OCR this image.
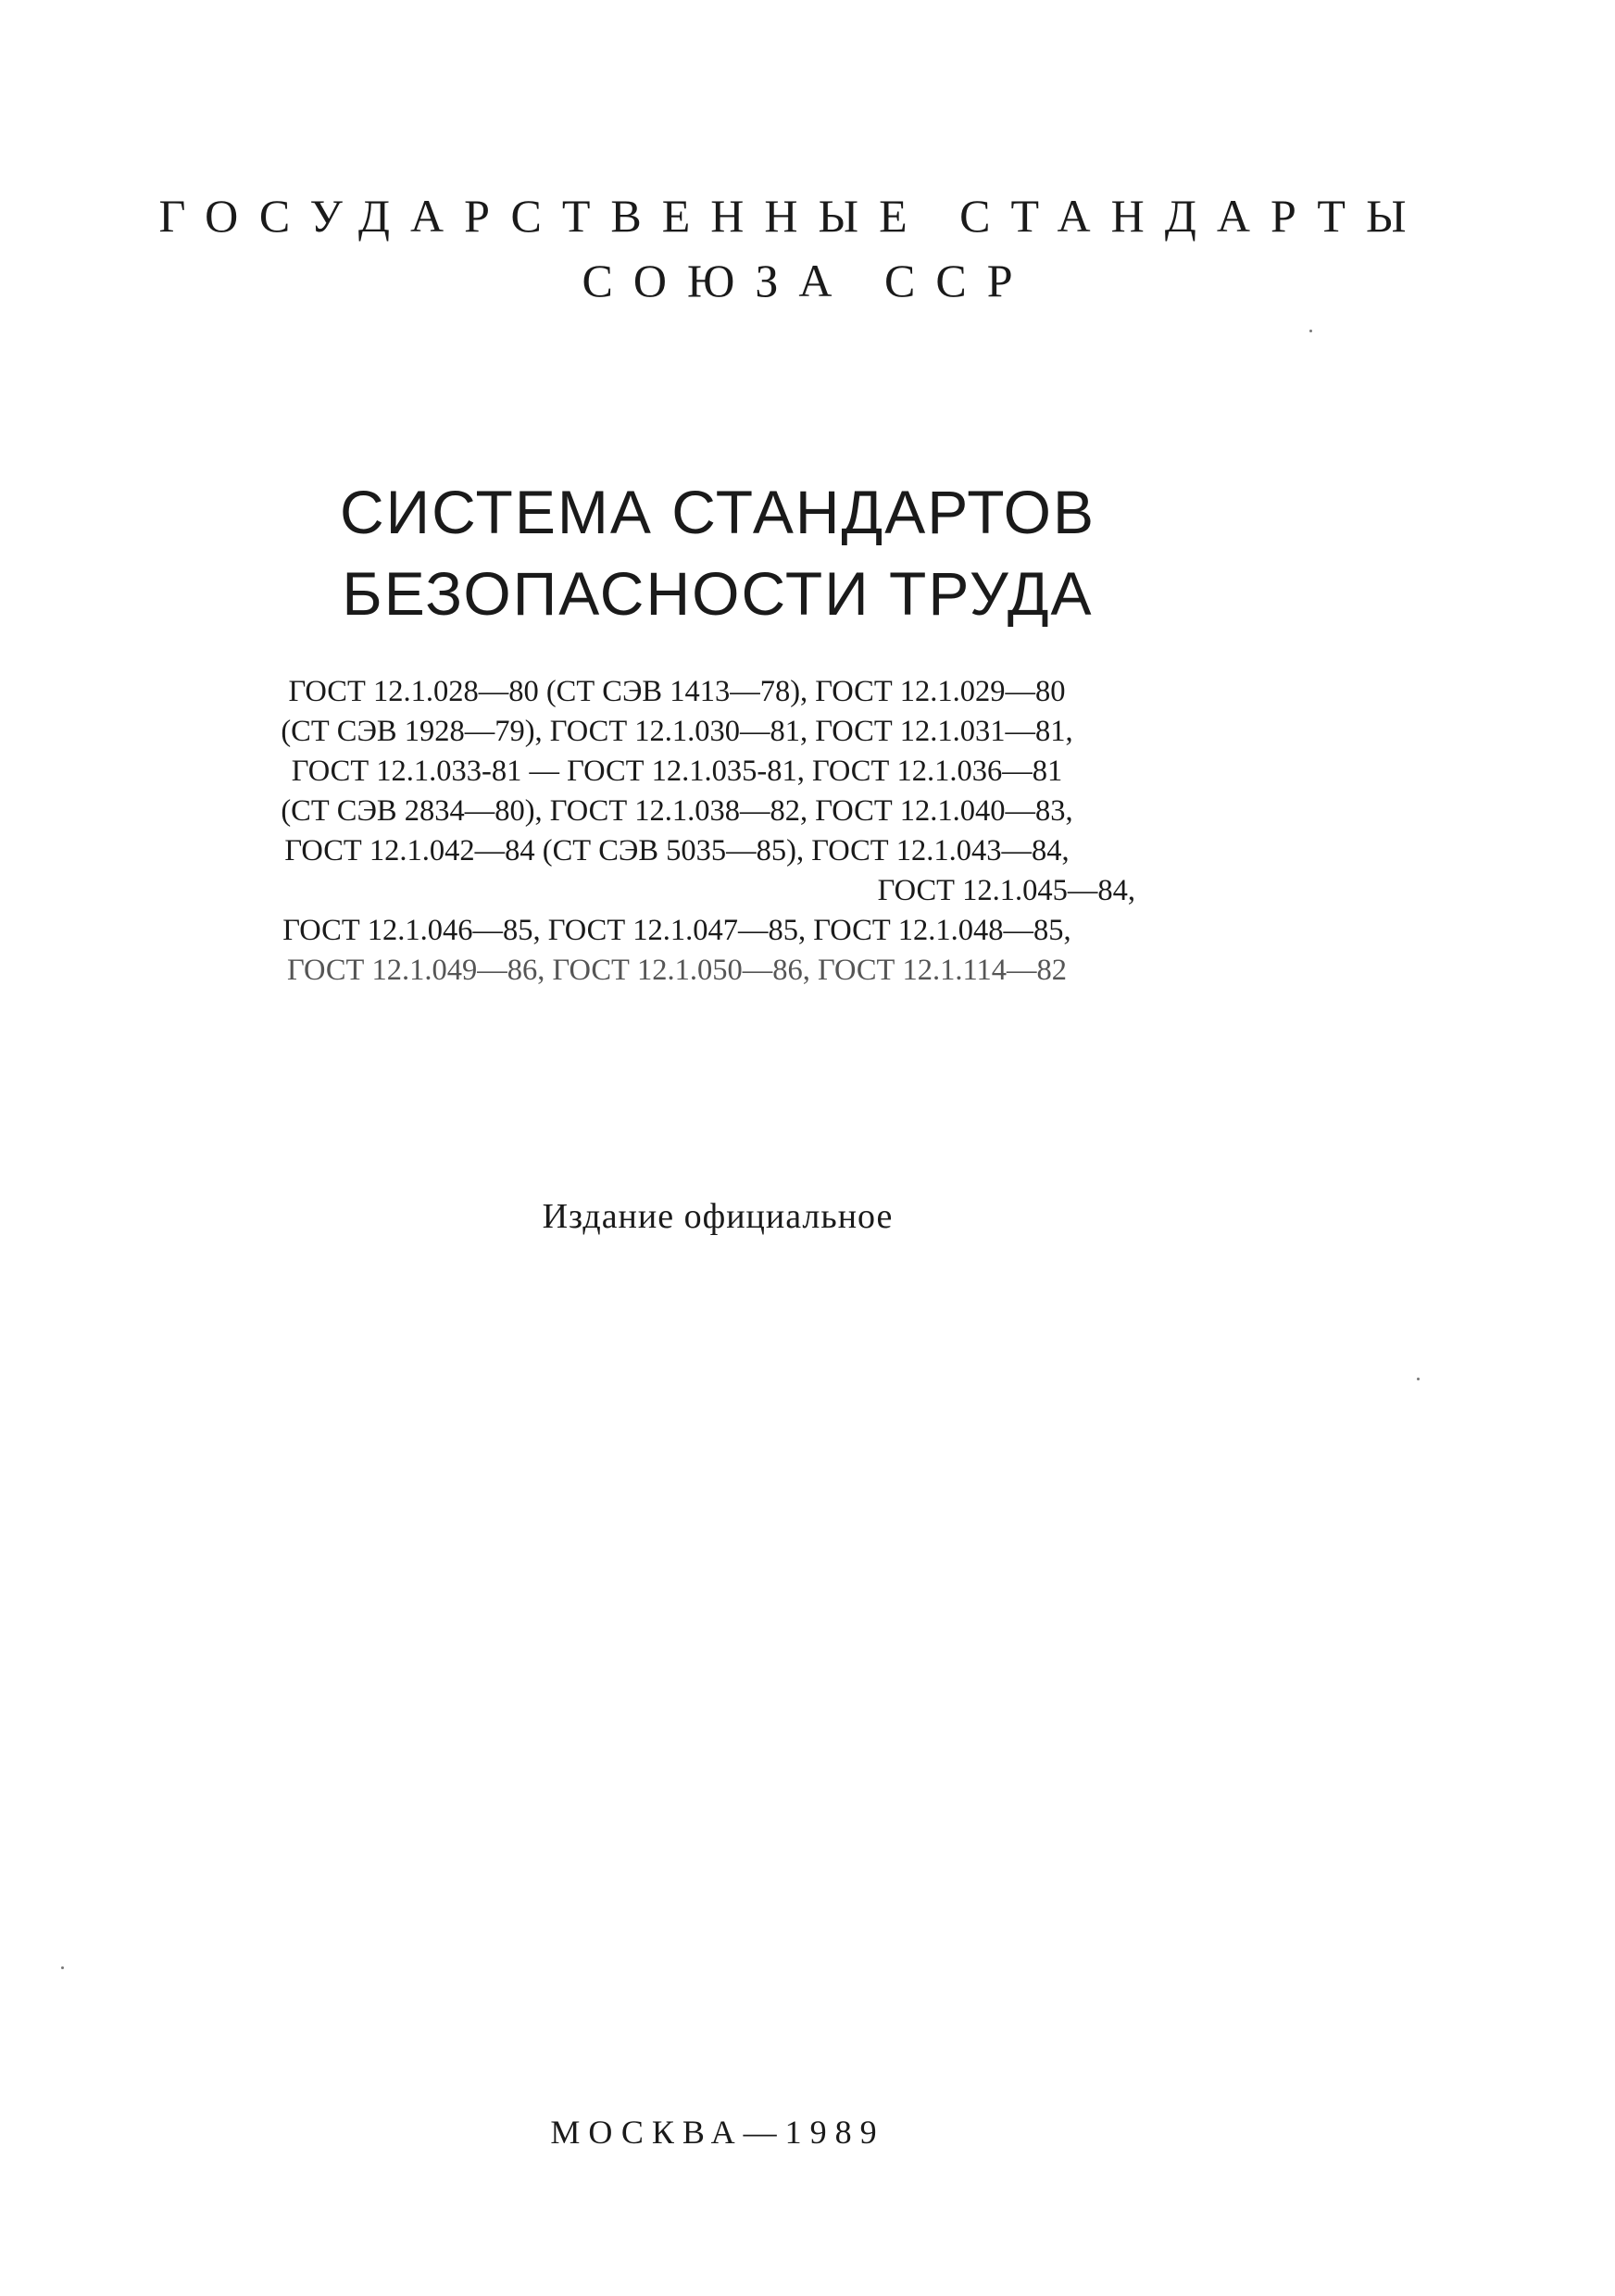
ГОСУДАРСТВЕННЫЕ СТАНДАРТЫ
СОЮЗА ССР
СИСТЕМА СТАНДАРТОВ
БЕЗОПАСНОСТИ ТРУДА
ГОСТ 12.1.028—80 (СТ СЭВ 1413—78), ГОСТ 12.1.029—80
(СТ СЭВ 1928—79), ГОСТ 12.1.030—81, ГОСТ 12.1.031—81,
ГОСТ 12.1.033-81 — ГОСТ 12.1.035-81, ГОСТ 12.1.036—81
(СТ СЭВ 2834—80), ГОСТ 12.1.038—82, ГОСТ 12.1.040—83,
ГОСТ 12.1.042—84 (СТ СЭВ 5035—85), ГОСТ 12.1.043—84,
ГОСТ 12.1.045—84,
ГОСТ 12.1.046—85, ГОСТ 12.1.047—85, ГОСТ 12.1.048—85,
ГОСТ 12.1.049—86, ГОСТ 12.1.050—86, ГОСТ 12.1.114—82
Издание официальное
МОСКВА—1989
